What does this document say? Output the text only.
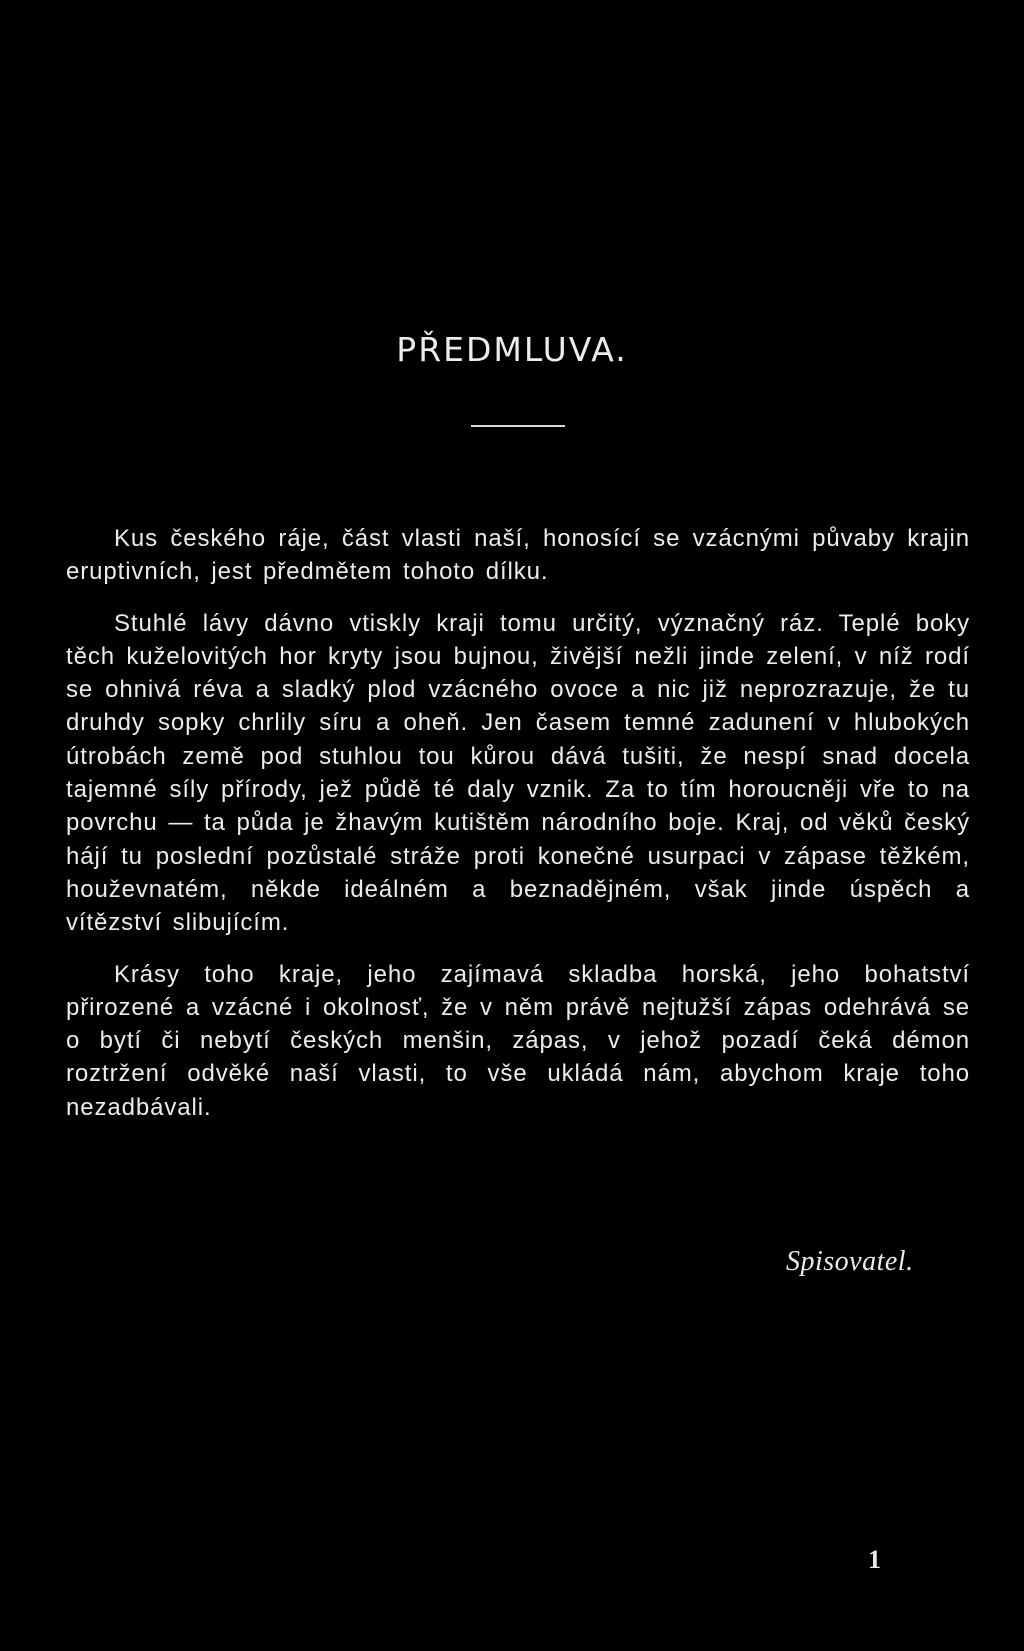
PŘEDMLUVA.

Kus českého ráje, část vlasti naší, honosící se vzácnými půvaby krajin eruptivních, jest předmětem tohoto dílku.

Stuhlé lávy dávno vtiskly kraji tomu určitý, význačný ráz. Teplé boky těch kuželovitých hor kryty jsou bujnou, živější nežli jinde zelení, v níž rodí se ohnivá réva a sladký plod vzácného ovoce a nic již neprozrazuje, že tu druhdy sopky chrlily síru a oheň. Jen časem temné zadunení v hlubokých útrobách země pod stuhlou tou kůrou dává tušiti, že nespí snad docela tajemné síly přírody, jež půdě té daly vznik. Za to tím horoucněji vře to na povrchu — ta půda je žhavým kutištěm národního boje. Kraj, od věků český hájí tu poslední pozůstalé stráže proti konečné usurpaci v zápase těžkém, houževnatém, někde ideálném a beznadějném, však jinde úspěch a vítězství slibujícím.

Krásy toho kraje, jeho zajímavá skladba horská, jeho bohatství přirozené a vzácné i okolnosť, že v něm právě nejtužší zápas odehrává se o bytí či nebytí českých menšin, zápas, v jehož pozadí čeká démon roztržení odvěké naší vlasti, to vše ukládá nám, abychom kraje toho nezadbávali.

Spisovatel.
1
